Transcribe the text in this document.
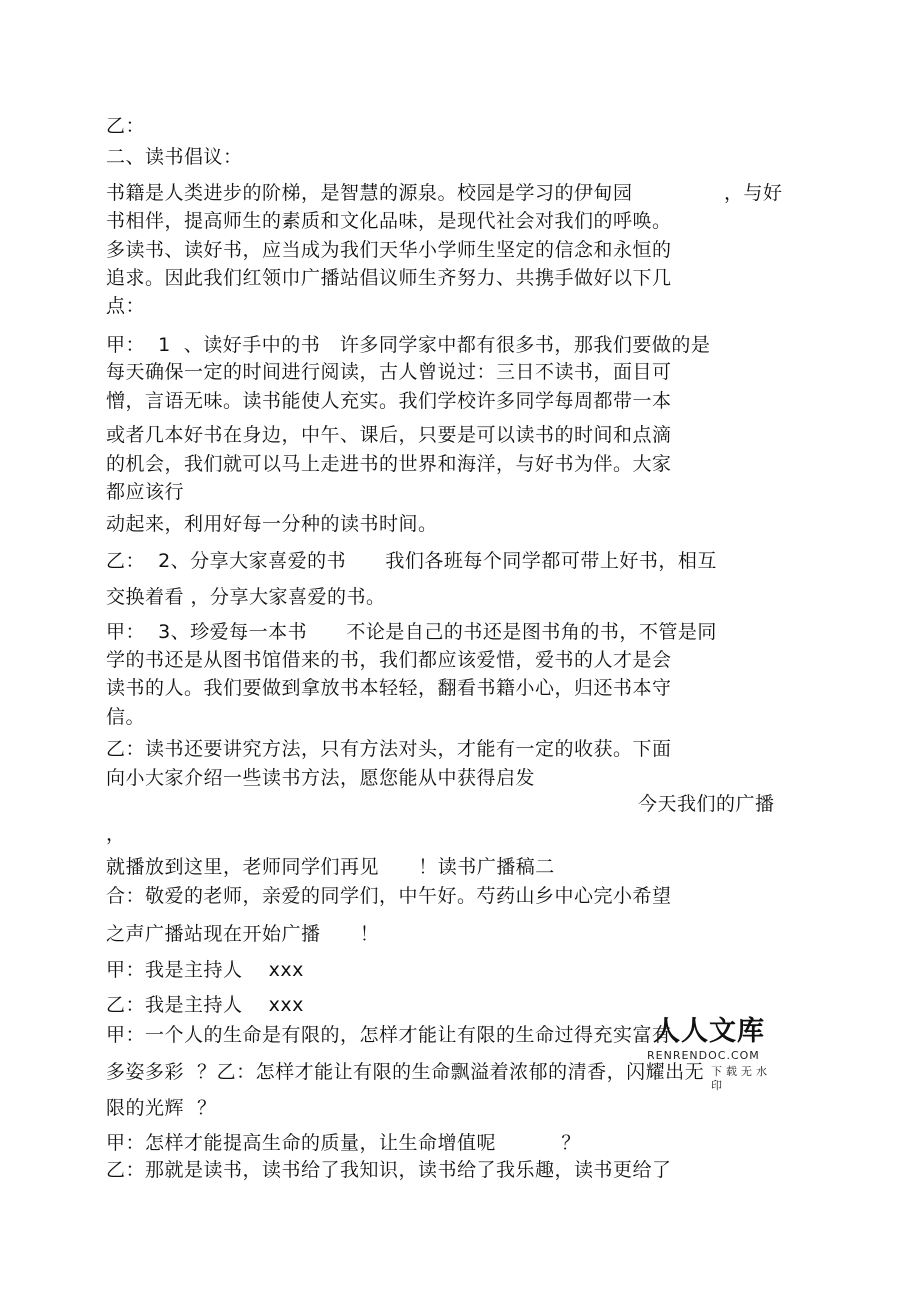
乙：
二、读书倡议：
书籍是人类进步的阶梯，是智慧的源泉。校园是学习的伊甸园              ，与好
书相伴，提高师生的素质和文化品味，是现代社会对我们的呼唤。
多读书、读好书，应当成为我们天华小学师生坚定的信念和永恒的
追求。因此我们红领巾广播站倡议师生齐努力、共携手做好以下几
点：
甲：  1  、读好手中的书   许多同学家中都有很多书，那我们要做的是
每天确保一定的时间进行阅读，古人曾说过：三日不读书，面目可
憎，言语无味。读书能使人充实。我们学校许多同学每周都带一本
或者几本好书在身边，中午、课后，只要是可以读书的时间和点滴
的机会，我们就可以马上走进书的世界和海洋，与好书为伴。大家
都应该行
动起来，利用好每一分种的读书时间。
乙：  2、分享大家喜爱的书      我们各班每个同学都可带上好书，相互
交换着看 ，分享大家喜爱的书。
甲：  3、珍爱每一本书      不论是自己的书还是图书角的书，不管是同
学的书还是从图书馆借来的书，我们都应该爱惜，爱书的人才是会
读书的人。我们要做到拿放书本轻轻，翻看书籍小心，归还书本守
信。
乙：读书还要讲究方法，只有方法对头，才能有一定的收获。下面
向小大家介绍一些读书方法，愿您能从中获得启发
今天我们的广播
，
就播放到这里，老师同学们再见      ！读书广播稿二
合：敬爱的老师，亲爱的同学们，中午好。芍药山乡中心完小希望
之声广播站现在开始广播      ！
甲：我是主持人    xxx
乙：我是主持人    xxx
甲：一个人的生命是有限的，怎样才能让有限的生命过得充实富有、
多姿多彩  ？乙：怎样才能让有限的生命飘溢着浓郁的清香，闪耀出无
限的光辉  ？
甲：怎样才能提高生命的质量，让生命增值呢          ？
乙：那就是读书，读书给了我知识，读书给了我乐趣，读书更给了
人人文库
RENRENDOC.COM
下载无水印
